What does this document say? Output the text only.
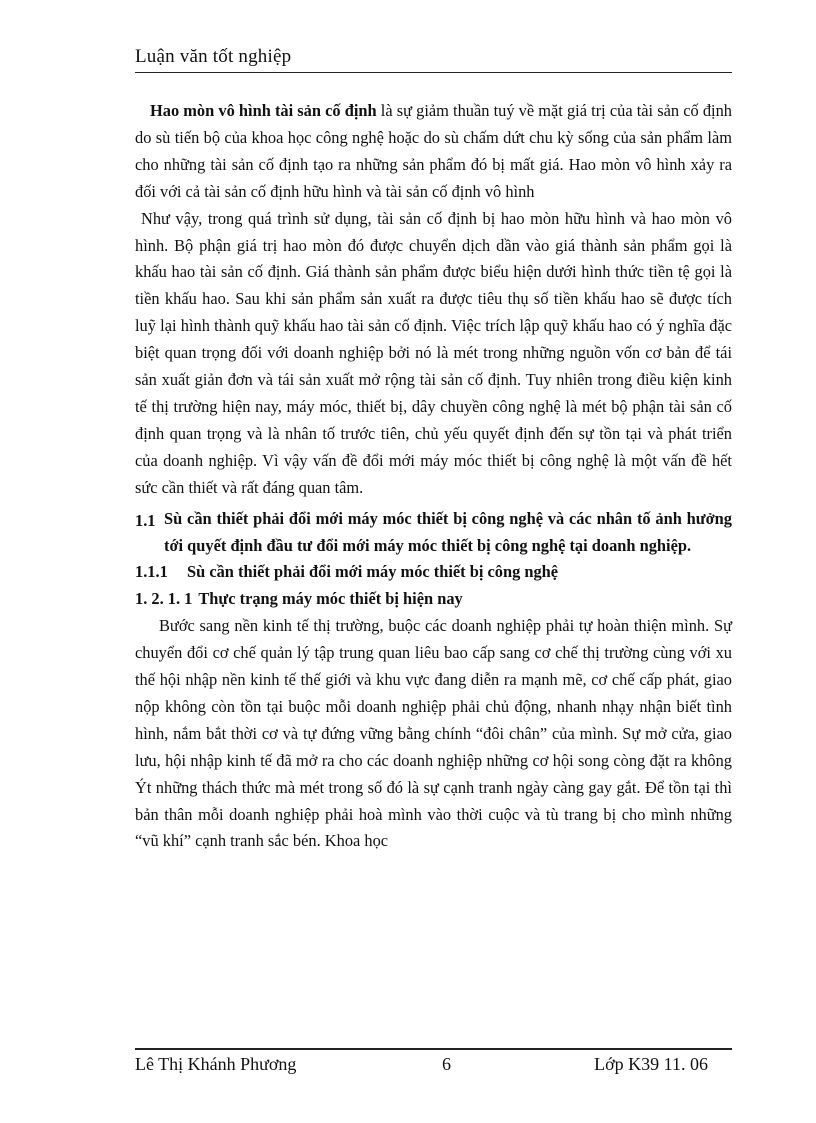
Luận văn tốt nghiệp

Hao mòn vô hình tài sản cố định là sự giảm thuần tuý về mặt giá trị của tài sản cố định do sù tiến bộ của khoa học công nghệ hoặc do sù chấm dứt chu kỳ sống của sản phẩm làm cho những tài sản cố định tạo ra những sản phẩm đó bị mất giá. Hao mòn vô hình xảy ra đối với cả tài sản cố định hữu hình và tài sản cố định vô hình

Như vậy, trong quá trình sử dụng, tài sản cố định bị hao mòn hữu hình và hao mòn vô hình. Bộ phận giá trị hao mòn đó được chuyển dịch dần vào giá thành sản phẩm gọi là khấu hao tài sản cố định. Giá thành sản phẩm được biểu hiện dưới hình thức tiền tệ gọi là tiền khấu hao. Sau khi sản phẩm sản xuất ra được tiêu thụ số tiền khấu hao sẽ được tích luỹ lại hình thành quỹ khấu hao tài sản cố định. Việc trích lập quỹ khấu hao có ý nghĩa đặc biệt quan trọng đối với doanh nghiệp bởi nó là mét trong những nguồn vốn cơ bản để tái sản xuất giản đơn và tái sản xuất mở rộng tài sản cố định. Tuy nhiên trong điều kiện kinh tế thị trường hiện nay, máy móc, thiết bị, dây chuyền công nghệ là mét bộ phận tài sản cố định quan trọng và là nhân tố trước tiên, chủ yếu quyết định đến sự tồn tại và phát triển của doanh nghiệp. Vì vậy vấn đề đổi mới máy móc thiết bị công nghệ là một vấn đề hết sức cần thiết và rất đáng quan tâm.

1.1 Sù cần thiết phải đổi mới máy móc thiết bị công nghệ và các nhân tố ảnh hưởng tới quyết định đầu tư đổi mới máy móc thiết bị công nghệ tại doanh nghiệp.
1.1.1	Sù cần thiết phải đổi mới máy móc thiết bị công nghệ
1. 2. 1. 1 Thực trạng máy móc thiết bị hiện nay

Bước sang nền kinh tế thị trường, buộc các doanh nghiệp phải tự hoàn thiện mình. Sự chuyển đổi cơ chế quản lý tập trung quan liêu bao cấp sang cơ chế thị trường cùng với xu thế hội nhập nền kinh tế thế giới và khu vực đang diễn ra mạnh mẽ, cơ chế cấp phát, giao nộp không còn tồn tại buộc mỗi doanh nghiệp phải chủ động, nhanh nhạy nhận biết tình hình, nắm bắt thời cơ và tự đứng vững bằng chính “đôi chân” của mình. Sự mở cửa, giao lưu, hội nhập kinh tế đã mở ra cho các doanh nghiệp những cơ hội song còng đặt ra không Ýt những thách thức mà mét trong số đó là sự cạnh tranh ngày càng gay gắt. Để tồn tại thì bản thân mỗi doanh nghiệp phải hoà mình vào thời cuộc và tù trang bị cho mình những “vũ khí” cạnh tranh sắc bén. Khoa học

Lê Thị Khánh Phương	6	Lớp K39 11. 06
